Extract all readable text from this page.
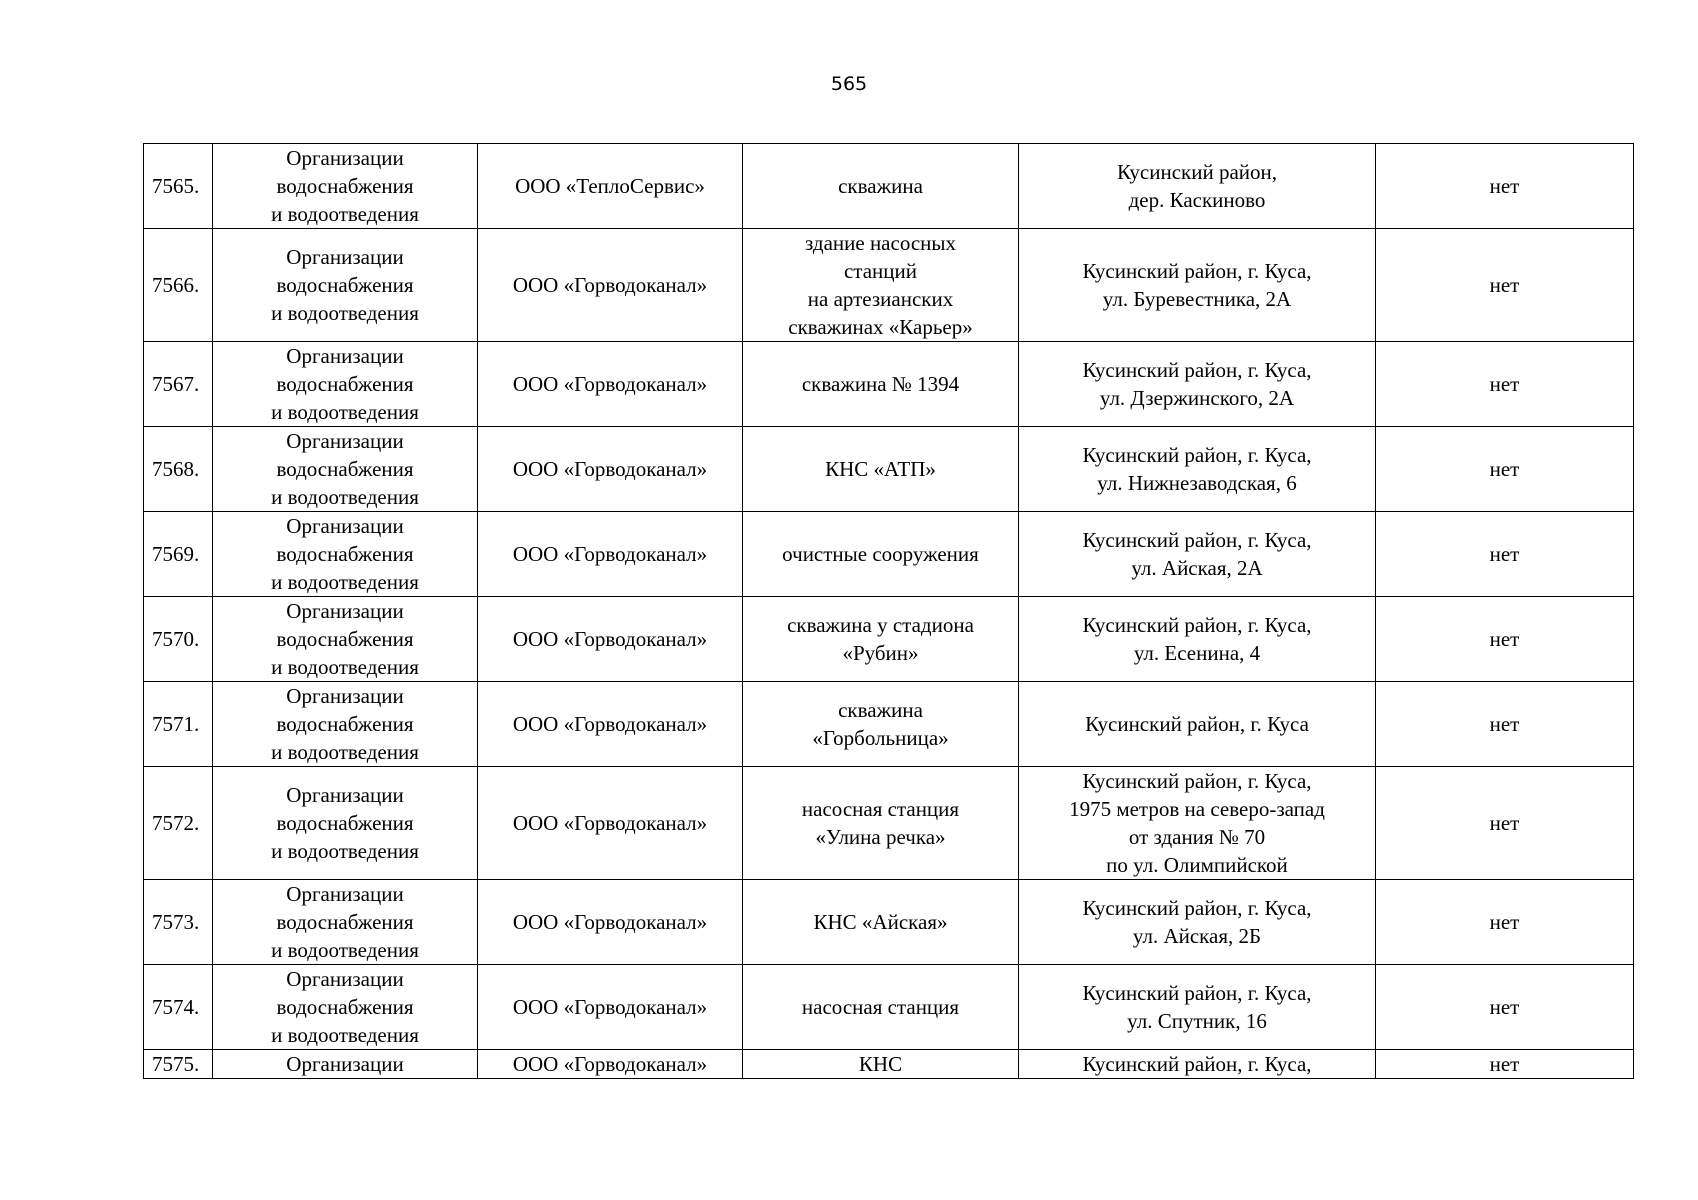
565
7565.	Организации
водоснабжения
и водоотведения	ООО «ТеплоСервис»	скважина	Кусинский район,
дер. Каскиново	нет
7566.	Организации
водоснабжения
и водоотведения	ООО «Горводоканал»	здание насосных
станций
на артезианских
скважинах «Карьер»	Кусинский район, г. Куса,
ул. Буревестника, 2А	нет
7567.	Организации
водоснабжения
и водоотведения	ООО «Горводоканал»	скважина № 1394	Кусинский район, г. Куса,
ул. Дзержинского, 2А	нет
7568.	Организации
водоснабжения
и водоотведения	ООО «Горводоканал»	КНС «АТП»	Кусинский район, г. Куса,
ул. Нижнезаводская, 6	нет
7569.	Организации
водоснабжения
и водоотведения	ООО «Горводоканал»	очистные сооружения	Кусинский район, г. Куса,
ул. Айская, 2А	нет
7570.	Организации
водоснабжения
и водоотведения	ООО «Горводоканал»	скважина у стадиона
«Рубин»	Кусинский район, г. Куса,
ул. Есенина, 4	нет
7571.	Организации
водоснабжения
и водоотведения	ООО «Горводоканал»	скважина
«Горбольница»	Кусинский район, г. Куса	нет
7572.	Организации
водоснабжения
и водоотведения	ООО «Горводоканал»	насосная станция
«Улина речка»	Кусинский район, г. Куса,
1975 метров на северо-запад
от здания № 70
по ул. Олимпийской	нет
7573.	Организации
водоснабжения
и водоотведения	ООО «Горводоканал»	КНС «Айская»	Кусинский район, г. Куса,
ул. Айская, 2Б	нет
7574.	Организации
водоснабжения
и водоотведения	ООО «Горводоканал»	насосная станция	Кусинский район, г. Куса,
ул. Спутник, 16	нет
7575.	Организации	ООО «Горводоканал»	КНС	Кусинский район, г. Куса,	нет
